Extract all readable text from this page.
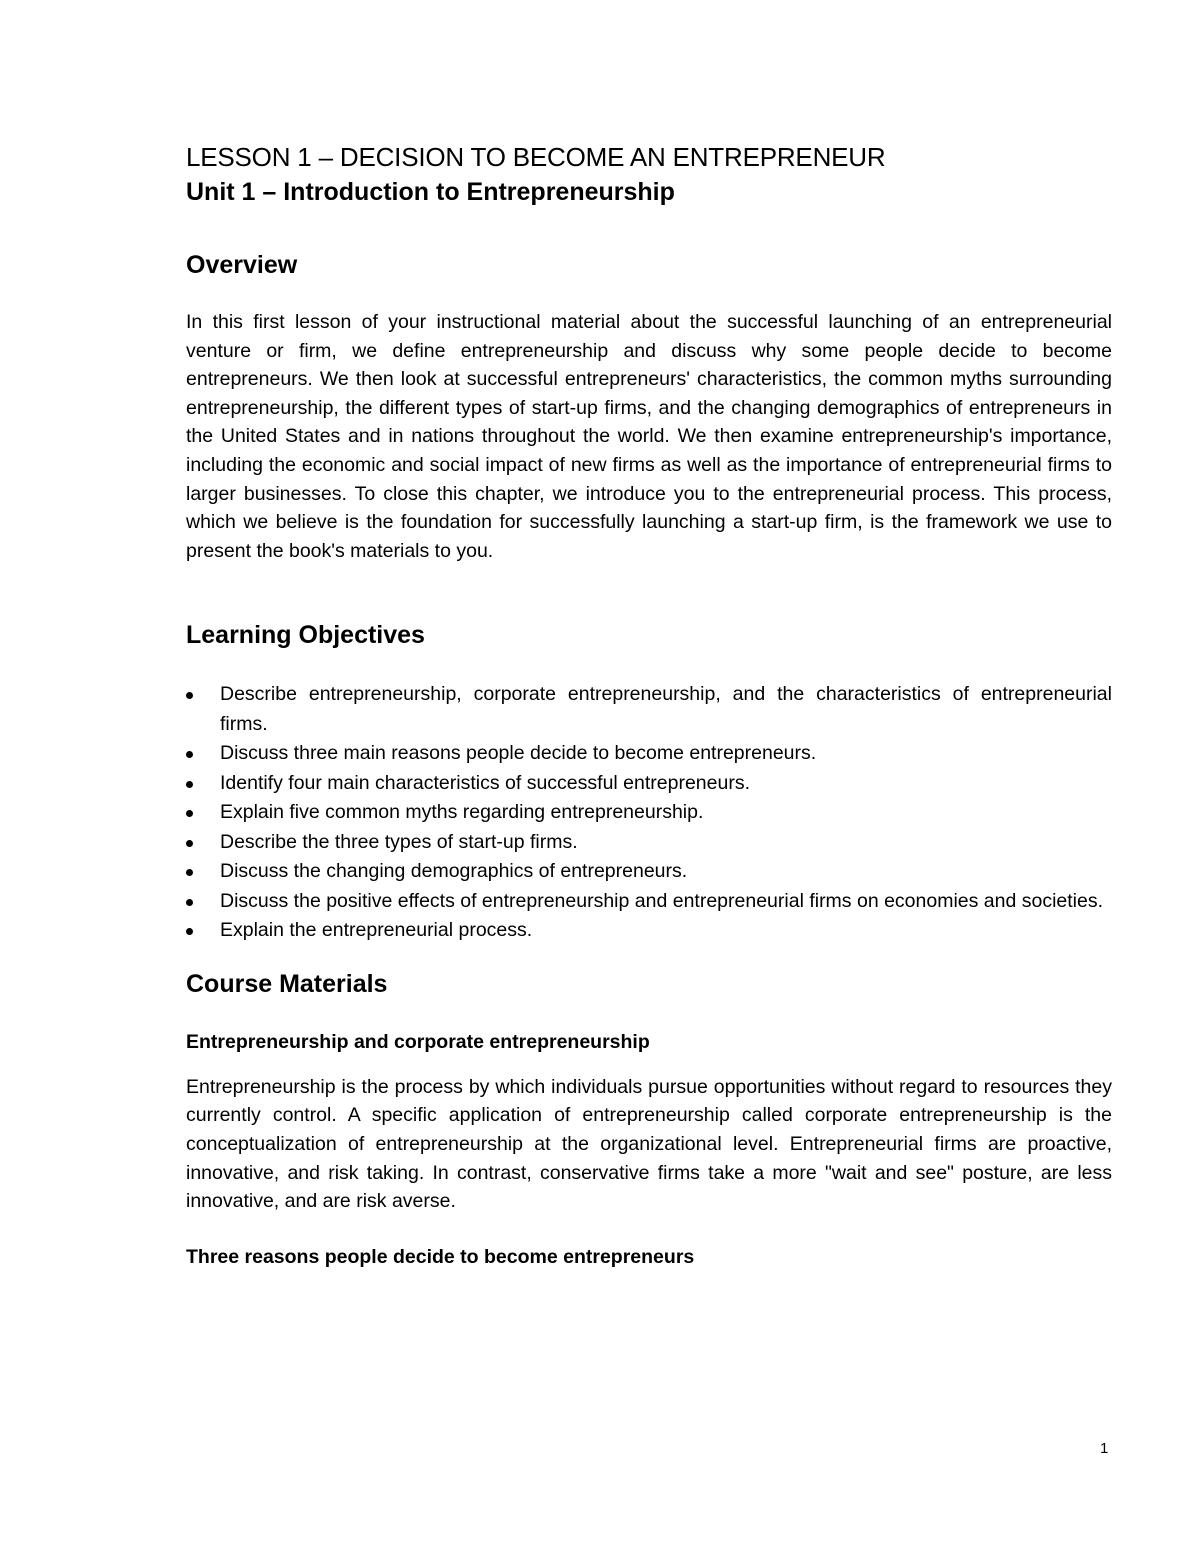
LESSON 1 – DECISION TO BECOME AN ENTREPRENEUR
Unit 1 – Introduction to Entrepreneurship
Overview

In this first lesson of your instructional material about the successful launching of an entrepreneurial venture or firm, we define entrepreneurship and discuss why some people decide to become entrepreneurs. We then look at successful entrepreneurs' characteristics, the common myths surrounding entrepreneurship, the different types of start-up firms, and the changing demographics of entrepreneurs in the United States and in nations throughout the world. We then examine entrepreneurship's importance, including the economic and social impact of new firms as well as the importance of entrepreneurial firms to larger businesses. To close this chapter, we introduce you to the entrepreneurial process. This process, which we believe is the foundation for successfully launching a start-up firm, is the framework we use to present the book's materials to you.

Learning Objectives
Describe entrepreneurship, corporate entrepreneurship, and the characteristics of entrepreneurial firms.
Discuss three main reasons people decide to become entrepreneurs.
Identify four main characteristics of successful entrepreneurs.
Explain five common myths regarding entrepreneurship.
Describe the three types of start-up firms.
Discuss the changing demographics of entrepreneurs.
Discuss the positive effects of entrepreneurship and entrepreneurial firms on economies and societies.
Explain the entrepreneurial process.
Course Materials
Entrepreneurship and corporate entrepreneurship

Entrepreneurship is the process by which individuals pursue opportunities without regard to resources they currently control. A specific application of entrepreneurship called corporate entrepreneurship is the conceptualization of entrepreneurship at the organizational level. Entrepreneurial firms are proactive, innovative, and risk taking. In contrast, conservative firms take a more "wait and see" posture, are less innovative, and are risk averse.

Three reasons people decide to become entrepreneurs
1
